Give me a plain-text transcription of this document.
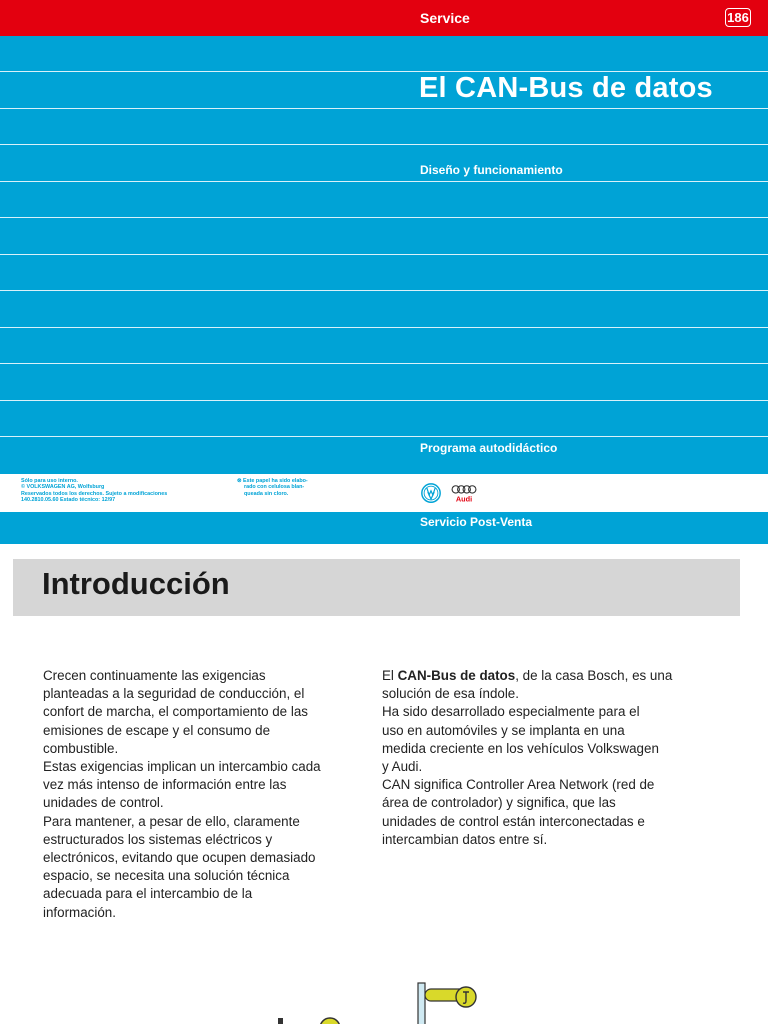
Service	186
El CAN-Bus de datos
Diseño y funcionamiento
Programa autodidáctico
Sólo para uso interno.
© VOLKSWAGEN AG, Wolfsburg
Reservados todos los derechos. Sujeto a modificaciones
140.2810.05.60 Estado técnico: 12/97
⊗ Este papel ha sido elabo-
rado con celulosa blan-
queada sin cloro.
Audi
Servicio Post-Venta
Introducción
Crecen continuamente las exigencias
planteadas a la seguridad de conducción, el
confort de marcha, el comportamiento de las
emisiones de escape y el consumo de
combustible.
Estas exigencias implican un intercambio cada
vez más intenso de información entre las
unidades de control.
Para mantener, a pesar de ello, claramente
estructurados los sistemas eléctricos y
electrónicos, evitando que ocupen demasiado
espacio, se necesita una solución técnica
adecuada para el intercambio de la
información.
El CAN-Bus de datos, de la casa Bosch, es una
solución de esa índole.
Ha sido desarrollado especialmente para el
uso en automóviles y se implanta en una
medida creciente en los vehículos Volkswagen
y Audi.
CAN significa Controller Area Network (red de
área de controlador) y significa, que las
unidades de control están interconectadas e
intercambian datos entre sí.
